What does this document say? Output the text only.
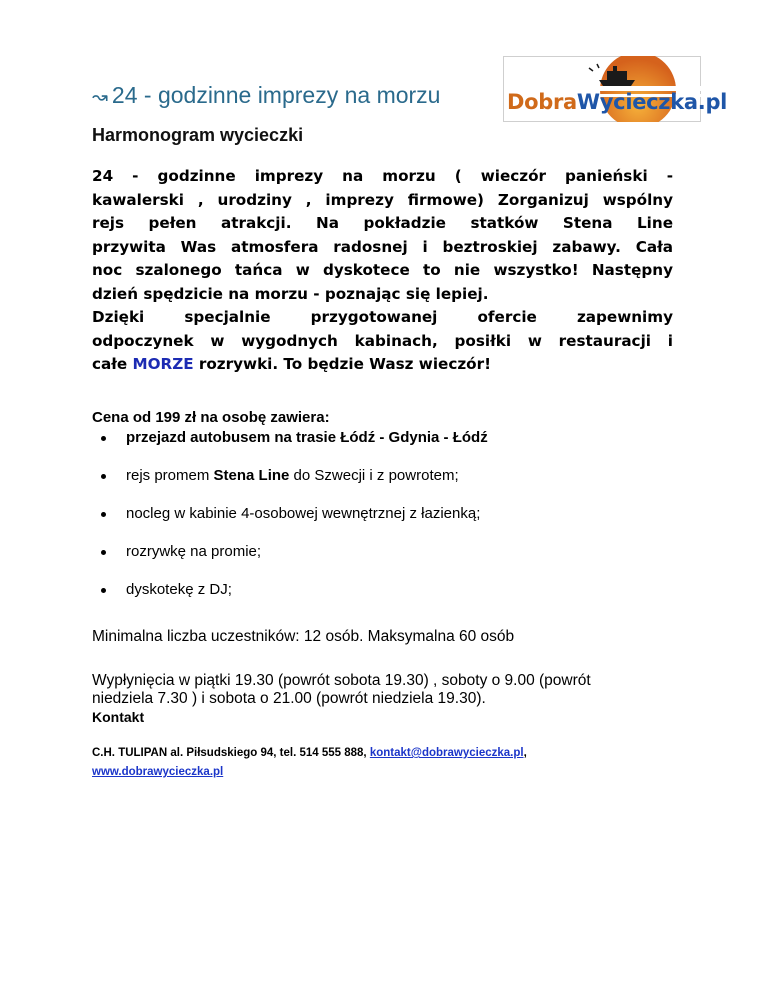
DobraWycieczka.pl
↝ 24 - godzinne imprezy na morzu
Harmonogram wycieczki

24 - godzinne imprezy na morzu ( wieczór panieński -

kawalerski , urodziny , imprezy firmowe) Zorganizuj wspólny

rejs pełen atrakcji. Na pokładzie statków Stena Line

przywita Was atmosfera radosnej i beztroskiej zabawy. Cała

noc szalonego tańca w dyskotece to nie wszystko! Następny

dzień spędzicie na morzu - poznając się lepiej.

Dzięki specjalnie przygotowanej ofercie zapewnimy

odpoczynek w wygodnych kabinach, posiłki w restauracji i

całe MORZE rozrywki. To będzie Wasz wieczór!

Cena od 199 zł na osobę zawiera:
przejazd autobusem na trasie Łódź - Gdynia - Łódź
rejs promem Stena Line do Szwecji i z powrotem;
nocleg w kabinie 4-osobowej wewnętrznej z łazienką;
rozrywkę na promie;
dyskotekę z DJ;

Minimalna liczba uczestników: 12 osób. Maksymalna 60 osób

Wypłynięcia w piątki 19.30 (powrót sobota 19.30) , soboty o 9.00 (powrót
niedziela 7.30 ) i sobota o 21.00 (powrót niedziela 19.30).

Kontakt
C.H. TULIPAN al. Piłsudskiego 94, tel. 514 555 888, kontakt@dobrawycieczka.pl,
www.dobrawycieczka.pl
